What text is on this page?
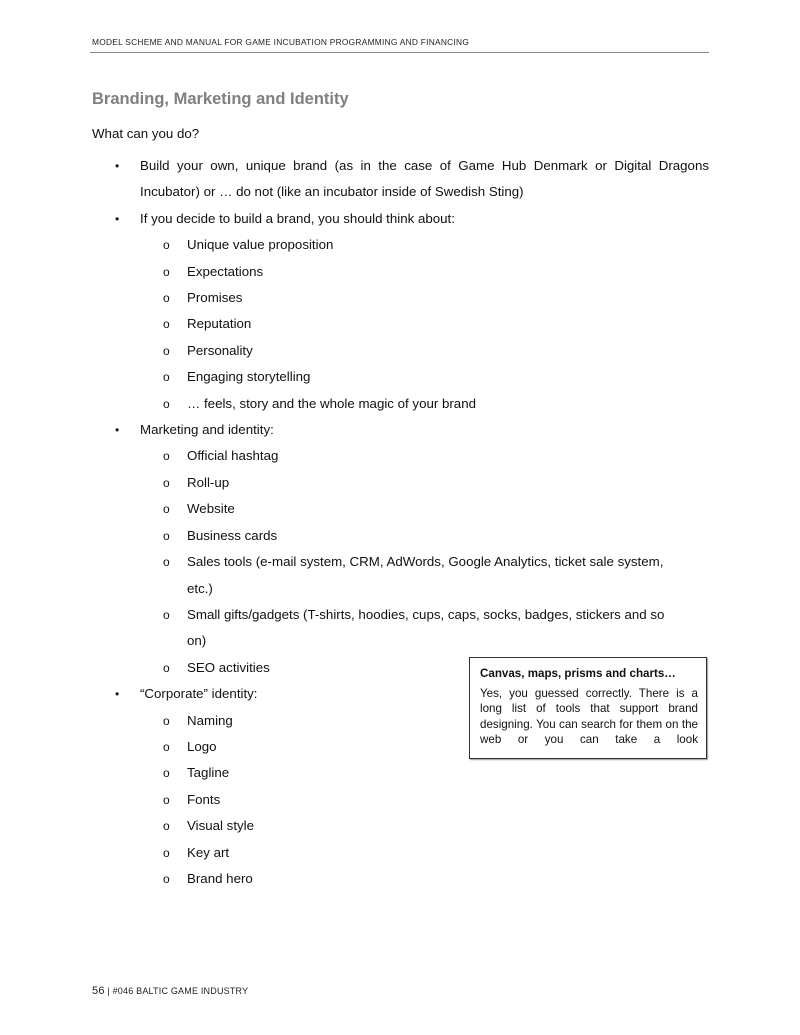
MODEL SCHEME AND MANUAL FOR GAME INCUBATION PROGRAMMING AND FINANCING
Branding, Marketing and Identity
What can you do?
• Build your own, unique brand (as in the case of Game Hub Denmark or Digital Dragons Incubator) or … do not (like an incubator inside of Swedish Sting)
• If you decide to build a brand, you should think about:
o Unique value proposition
o Expectations
o Promises
o Reputation
o Personality
o Engaging storytelling
o … feels, story and the whole magic of your brand
• Marketing and identity:
o Official hashtag
o Roll-up
o Website
o Business cards
o Sales tools (e-mail system, CRM, AdWords, Google Analytics, ticket sale system, etc.)
o Small gifts/gadgets (T-shirts, hoodies, cups, caps, socks, badges, stickers and so on)
o SEO activities
• “Corporate” identity:
o Naming
o Logo
o Tagline
o Fonts
o Visual style
o Key art
o Brand hero
Canvas, maps, prisms and charts…
Yes, you guessed correctly. There is a long list of tools that support brand designing. You can search for them on the web or you can take a look
56 | #046 BALTIC GAME INDUSTRY
